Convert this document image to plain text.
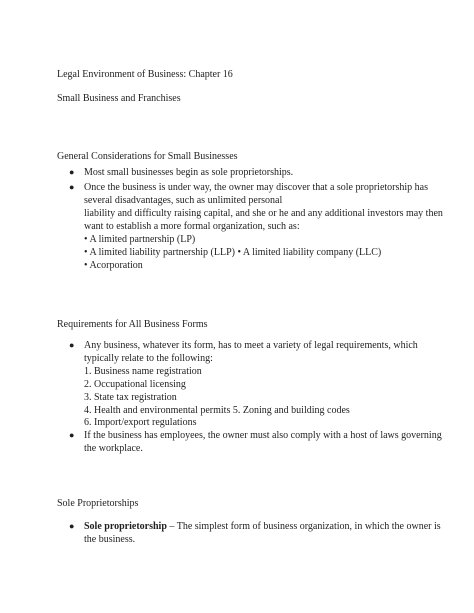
Legal Environment of Business: Chapter 16
Small Business and Franchises
General Considerations for Small Businesses
● Most small businesses begin as sole proprietorships.
● Once the business is under way, the owner may discover that a sole proprietorship has
several disadvantages, such as unlimited personal
liability and difficulty raising capital, and she or he and any additional investors may then
want to establish a more formal organization, such as:
• A limited partnership (LP)
• A limited liability partnership (LLP) • A limited liability company (LLC)
• Acorporation
Requirements for All Business Forms
● Any business, whatever its form, has to meet a variety of legal requirements, which
typically relate to the following:
1. Business name registration
2. Occupational licensing
3. State tax registration
4. Health and environmental permits 5. Zoning and building codes
6. Import/export regulations
● If the business has employees, the owner must also comply with a host of laws governing
the workplace.
Sole Proprietorships
● Sole proprietorship – The simplest form of business organization, in which the owner is
the business.
